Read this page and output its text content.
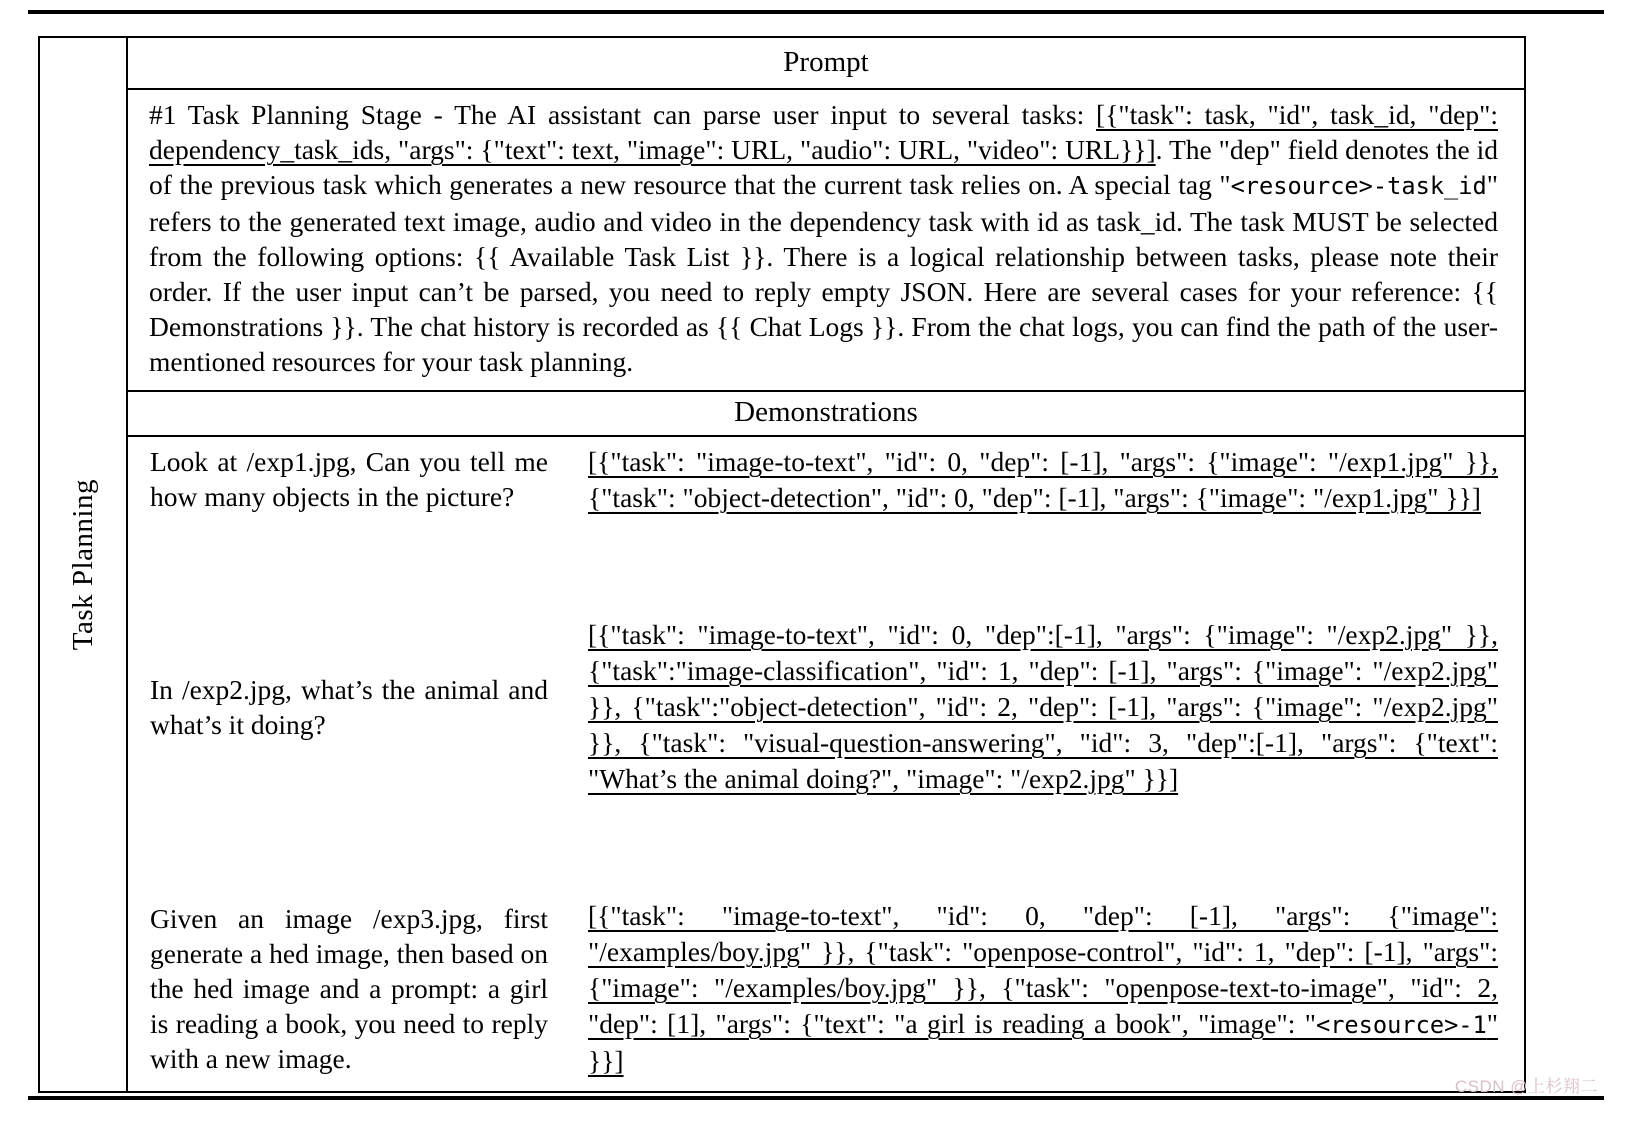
Task Planning
Prompt
#1 Task Planning Stage - The AI assistant can parse user input to several tasks: [{"task": task, "id", task_id, "dep": dependency_task_ids, "args": {"text": text, "image": URL, "audio": URL, "video": URL}}]. The "dep" field denotes the id of the previous task which generates a new resource that the current task relies on. A special tag "<resource>-task_id" refers to the generated text image, audio and video in the dependency task with id as task_id. The task MUST be selected from the following options: {{ Available Task List }}. There is a logical relationship between tasks, please note their order. If the user input can’t be parsed, you need to reply empty JSON. Here are several cases for your reference: {{ Demonstrations }}. The chat history is recorded as {{ Chat Logs }}. From the chat logs, you can find the path of the user-mentioned resources for your task planning.
Demonstrations
Look at /exp1.jpg, Can you tell me how many objects in the picture?
[{"task": "image-to-text", "id": 0, "dep": [-1], "args": {"image": "/exp1.jpg" }}, {"task": "object-detection", "id": 0, "dep": [-1], "args": {"image": "/exp1.jpg" }}]
In /exp2.jpg, what’s the animal and what’s it doing?
[{"task": "image-to-text", "id": 0, "dep":[-1], "args": {"image": "/exp2.jpg" }}, {"task":"image-classification", "id": 1, "dep": [-1], "args": {"image": "/exp2.jpg" }}, {"task":"object-detection", "id": 2, "dep": [-1], "args": {"image": "/exp2.jpg" }}, {"task": "visual-question-answering", "id": 3, "dep":[-1], "args": {"text": "What’s the animal doing?", "image": "/exp2.jpg" }}]
Given an image /exp3.jpg, first generate a hed image, then based on the hed image and a prompt: a girl is reading a book, you need to reply with a new image.
[{"task": "image-to-text", "id": 0, "dep": [-1], "args": {"image": "/examples/boy.jpg" }}, {"task": "openpose-control", "id": 1, "dep": [-1], "args": {"image": "/examples/boy.jpg" }}, {"task": "openpose-text-to-image", "id": 2, "dep": [1], "args": {"text": "a girl is reading a book", "image": "<resource>-1" }}]
CSDN @上杉翔二
